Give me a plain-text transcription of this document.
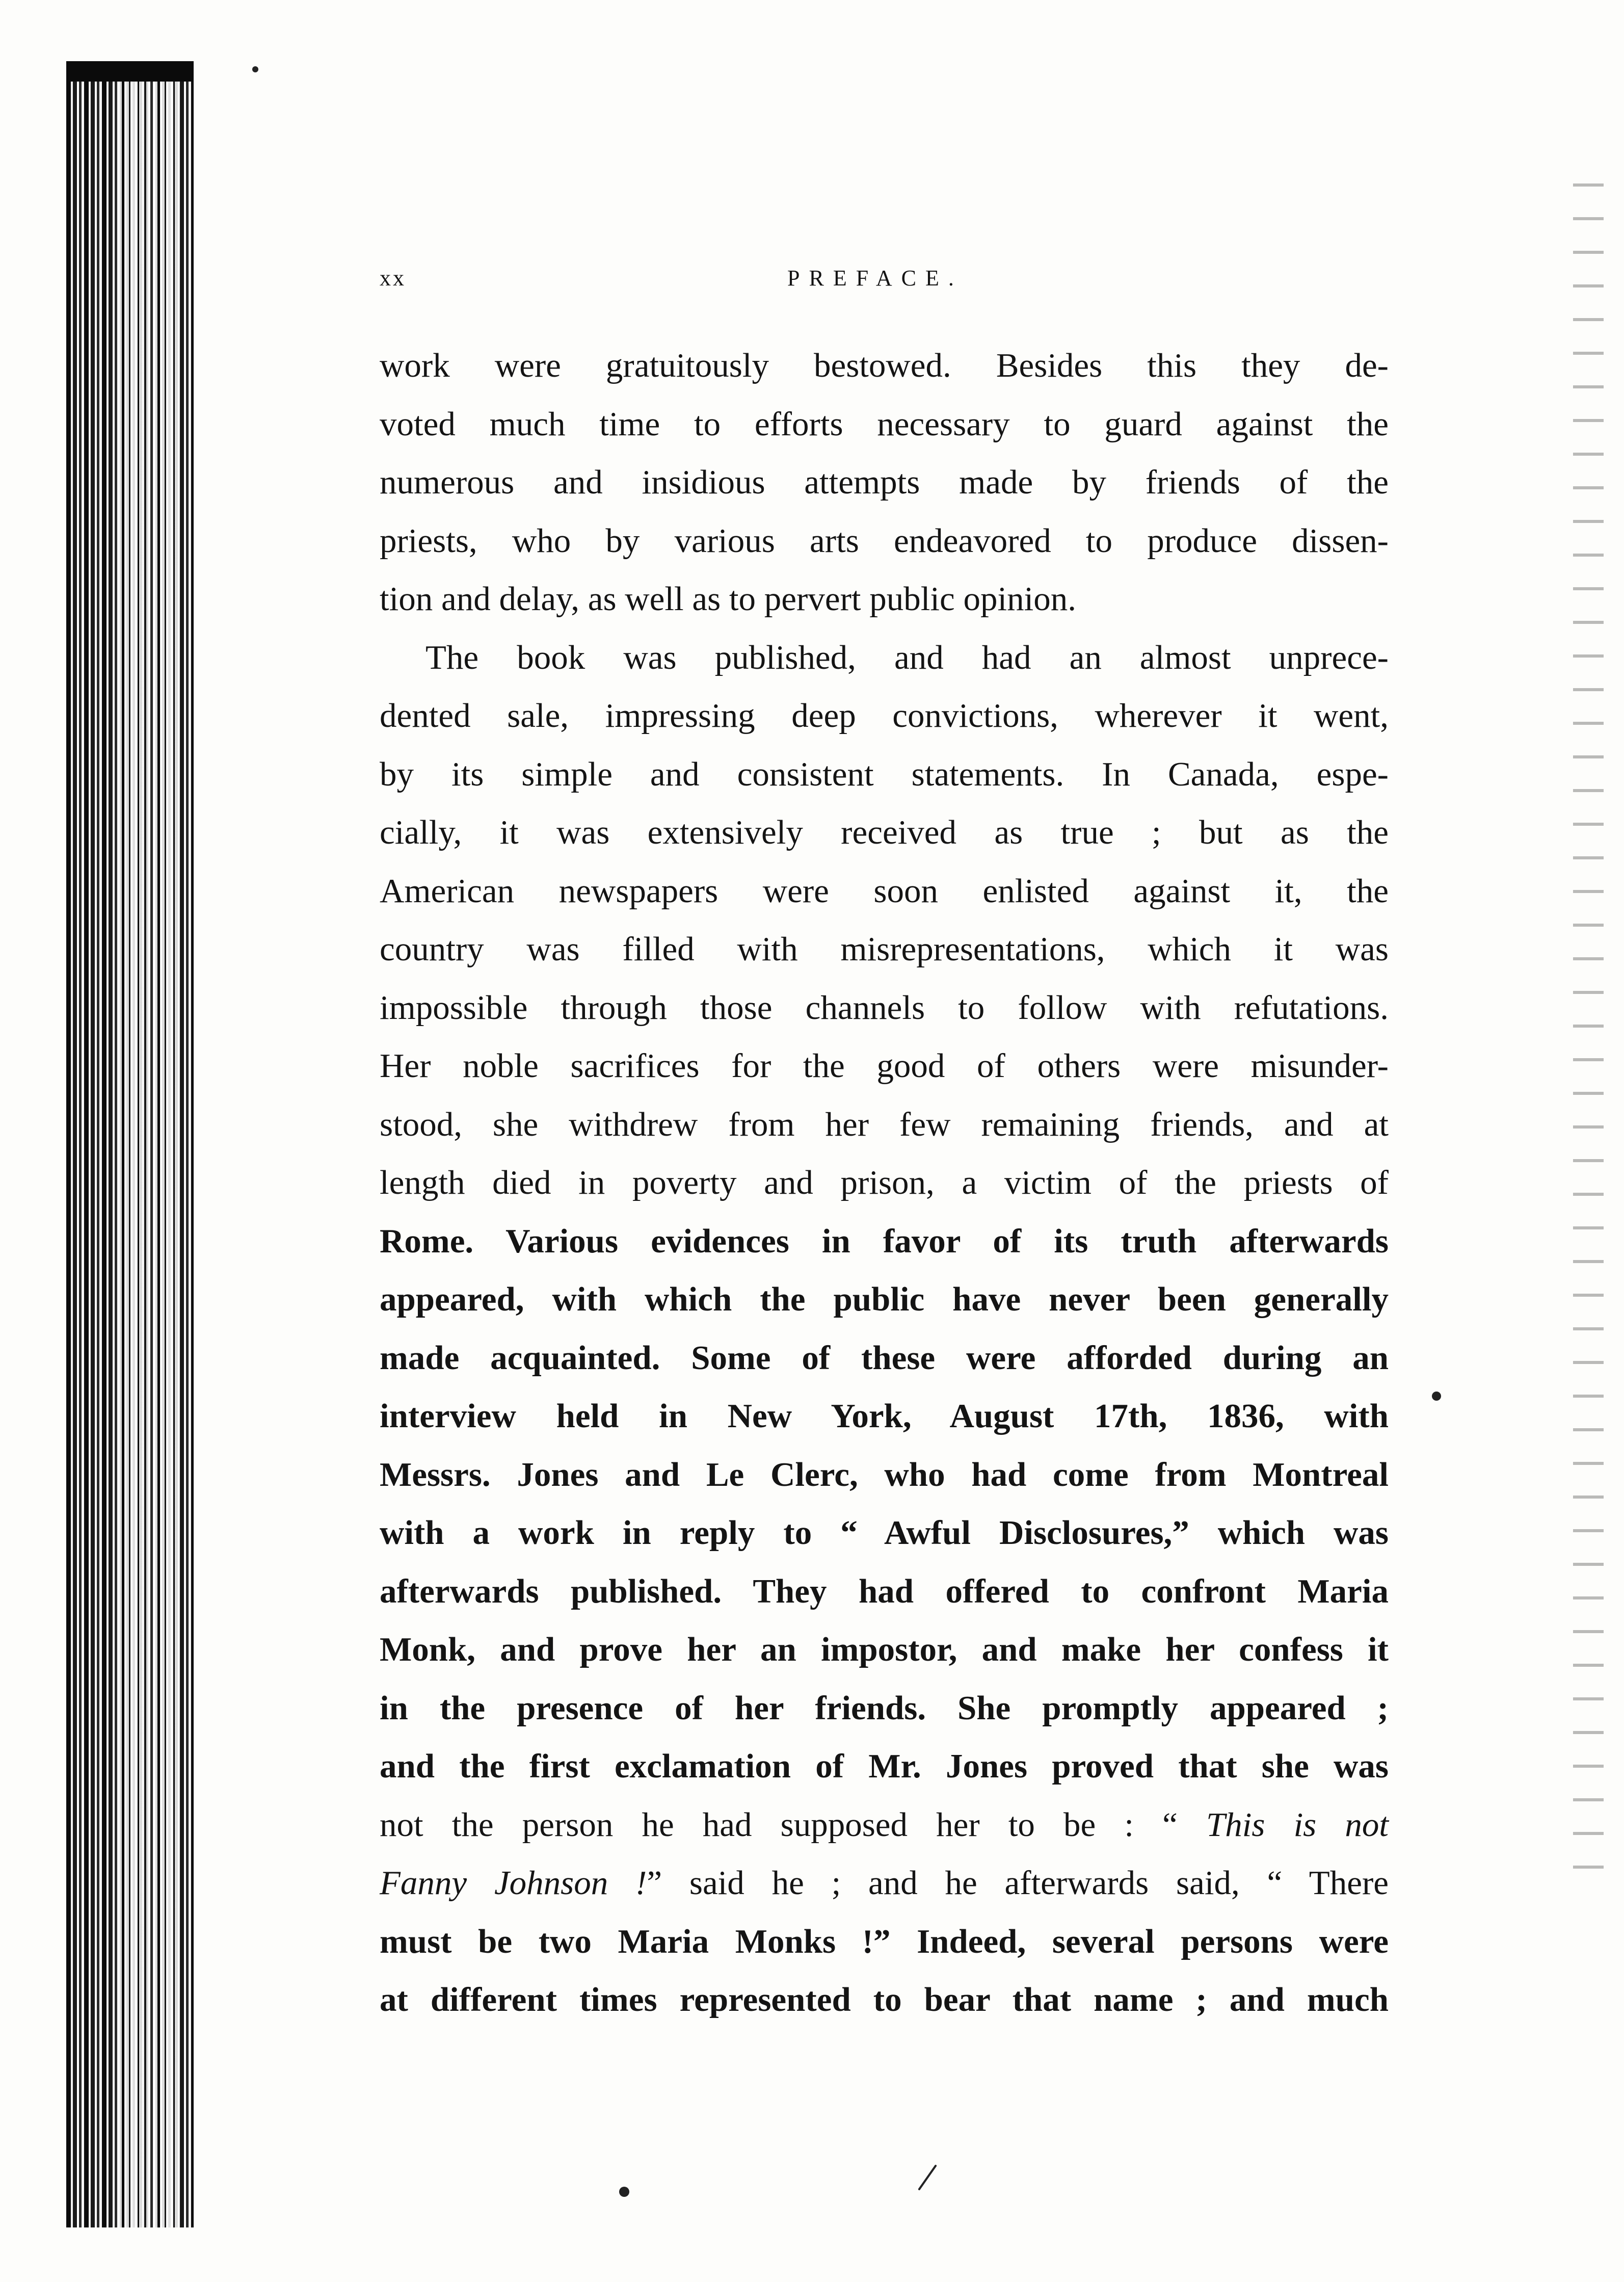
xx	PREFACE.
work were gratuitously bestowed. Besides this they de-
voted much time to efforts necessary to guard against the
numerous and insidious attempts made by friends of the
priests, who by various arts endeavored to produce dissen-
tion and delay, as well as to pervert public opinion.
The book was published, and had an almost unprece-
dented sale, impressing deep convictions, wherever it went,
by its simple and consistent statements. In Canada, espe-
cially, it was extensively received as true ; but as the
American newspapers were soon enlisted against it, the
country was filled with misrepresentations, which it was
impossible through those channels to follow with refutations.
Her noble sacrifices for the good of others were misunder-
stood, she withdrew from her few remaining friends, and at
length died in poverty and prison, a victim of the priests of
Rome. Various evidences in favor of its truth afterwards
appeared, with which the public have never been generally
made acquainted. Some of these were afforded during an
interview held in New York, August 17th, 1836, with
Messrs. Jones and Le Clerc, who had come from Montreal
with a work in reply to “ Awful Disclosures,” which was
afterwards published. They had offered to confront Maria
Monk, and prove her an impostor, and make her confess it
in the presence of her friends. She promptly appeared ;
and the first exclamation of Mr. Jones proved that she was
not the person he had supposed her to be : “ This is not
Fanny Johnson !” said he ; and he afterwards said, “ There
must be two Maria Monks !” Indeed, several persons were
at different times represented to bear that name ; and much
